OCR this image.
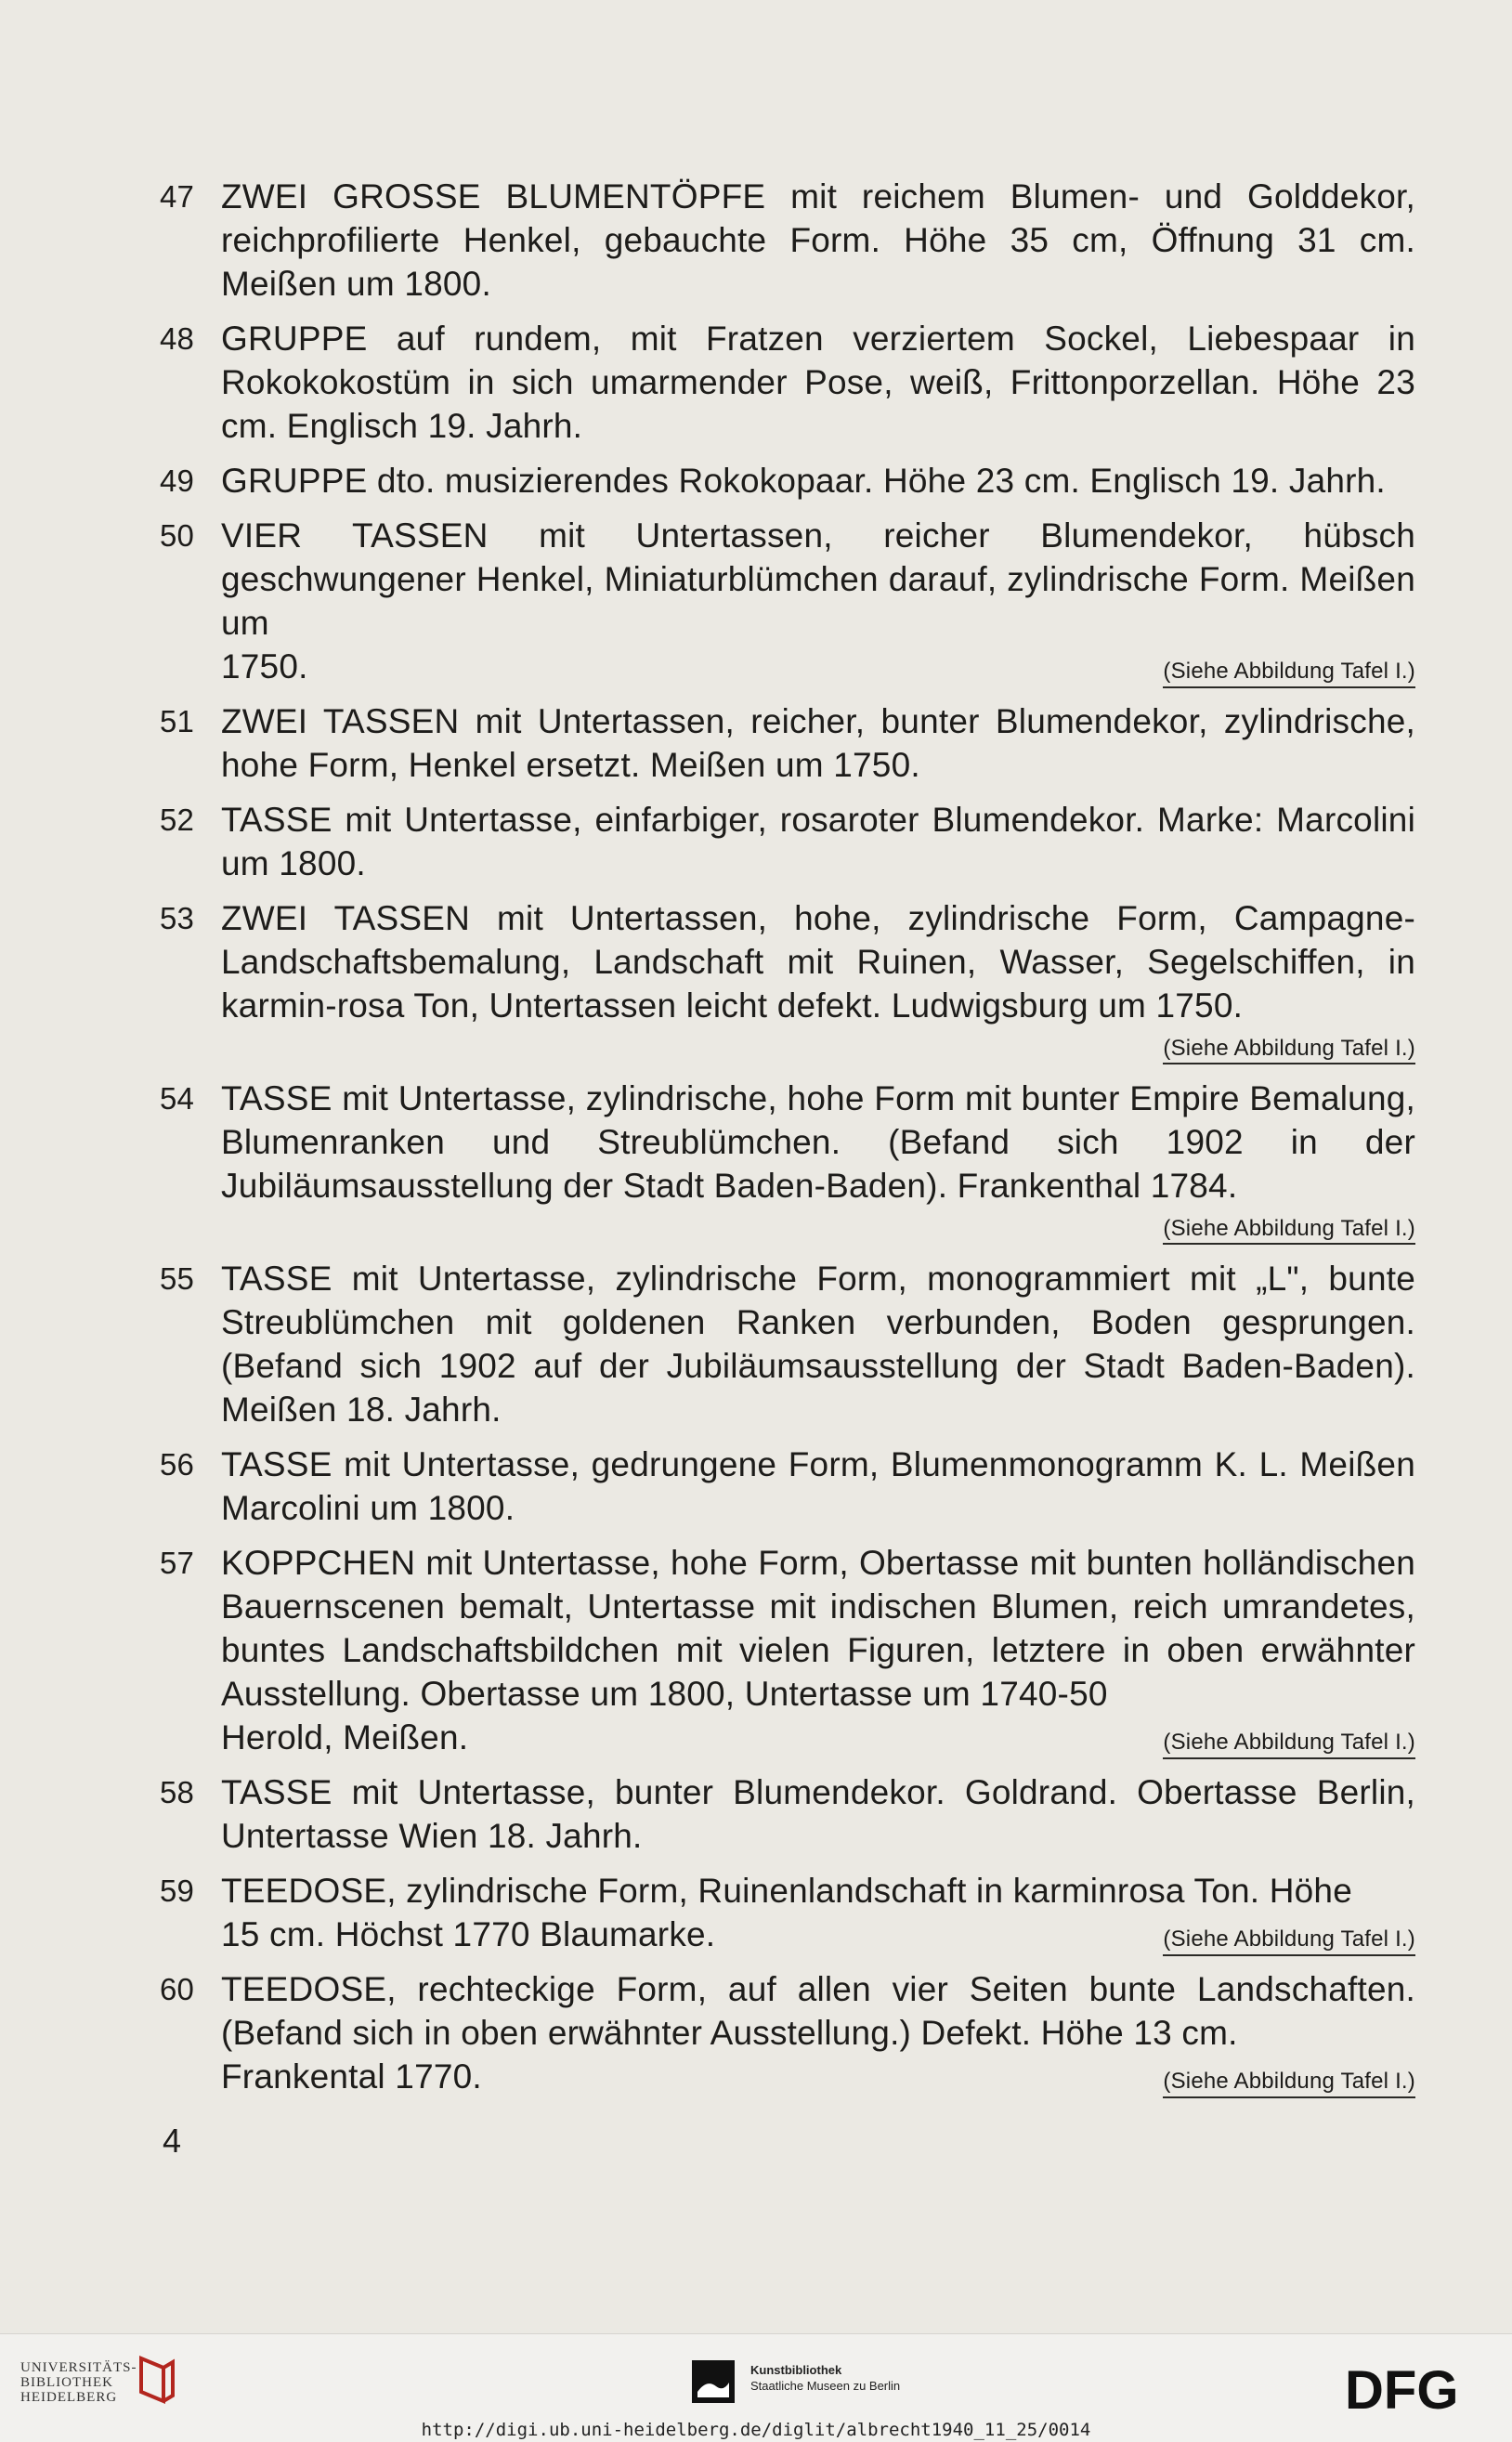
47 ZWEI GROSSE BLUMENTÖPFE mit reichem Blumen- und Golddekor, reichprofilierte Henkel, gebauchte Form. Höhe 35 cm, Öffnung 31 cm. Meißen um 1800.
48 GRUPPE auf rundem, mit Fratzen verziertem Sockel, Liebespaar in Rokokokostüm in sich umarmender Pose, weiß, Frittonporzellan. Höhe 23 cm. Englisch 19. Jahrh.
49 GRUPPE dto. musizierendes Rokokopaar. Höhe 23 cm. Englisch 19. Jahrh.
50 VIER TASSEN mit Untertassen, reicher Blumendekor, hübsch geschwungener Henkel, Miniaturblümchen darauf, zylindrische Form. Meißen um
1750.	(Siehe Abbildung Tafel I.)
51 ZWEI TASSEN mit Untertassen, reicher, bunter Blumendekor, zylindrische, hohe Form, Henkel ersetzt. Meißen um 1750.
52 TASSE mit Untertasse, einfarbiger, rosaroter Blumendekor. Marke: Marcolini um 1800.
53 ZWEI TASSEN mit Untertassen, hohe, zylindrische Form, Campagne-Landschaftsbemalung, Landschaft mit Ruinen, Wasser, Segelschiffen, in karmin-rosa Ton, Untertassen leicht defekt. Ludwigsburg um 1750.
(Siehe Abbildung Tafel I.)
54 TASSE mit Untertasse, zylindrische, hohe Form mit bunter Empire Bemalung, Blumenranken und Streublümchen. (Befand sich 1902 in der Jubiläumsausstellung der Stadt Baden-Baden). Frankenthal 1784.
(Siehe Abbildung Tafel I.)
55 TASSE mit Untertasse, zylindrische Form, monogrammiert mit „L", bunte Streublümchen mit goldenen Ranken verbunden, Boden gesprungen. (Befand sich 1902 auf der Jubiläumsausstellung der Stadt Baden-Baden). Meißen 18. Jahrh.
56 TASSE mit Untertasse, gedrungene Form, Blumenmonogramm K. L. Meißen Marcolini um 1800.
57 KOPPCHEN mit Untertasse, hohe Form, Obertasse mit bunten holländischen Bauernscenen bemalt, Untertasse mit indischen Blumen, reich umrandetes, buntes Landschaftsbildchen mit vielen Figuren, letztere in oben erwähnter Ausstellung. Obertasse um 1800, Untertasse um 1740-50
Herold, Meißen.	(Siehe Abbildung Tafel I.)
58 TASSE mit Untertasse, bunter Blumendekor. Goldrand. Obertasse Berlin, Untertasse Wien 18. Jahrh.
59 TEEDOSE, zylindrische Form, Ruinenlandschaft in karminrosa Ton. Höhe
15 cm. Höchst 1770 Blaumarke.	(Siehe Abbildung Tafel I.)
60 TEEDOSE, rechteckige Form, auf allen vier Seiten bunte Landschaften. (Befand sich in oben erwähnter Ausstellung.) Defekt. Höhe 13 cm.
Frankental 1770.	(Siehe Abbildung Tafel I.)
4
UNIVERSITÄTS-
BIBLIOTHEK
HEIDELBERG
Kunstbibliothek
Staatliche Museen zu Berlin	DFG
http://digi.ub.uni-heidelberg.de/diglit/albrecht1940_11_25/0014
